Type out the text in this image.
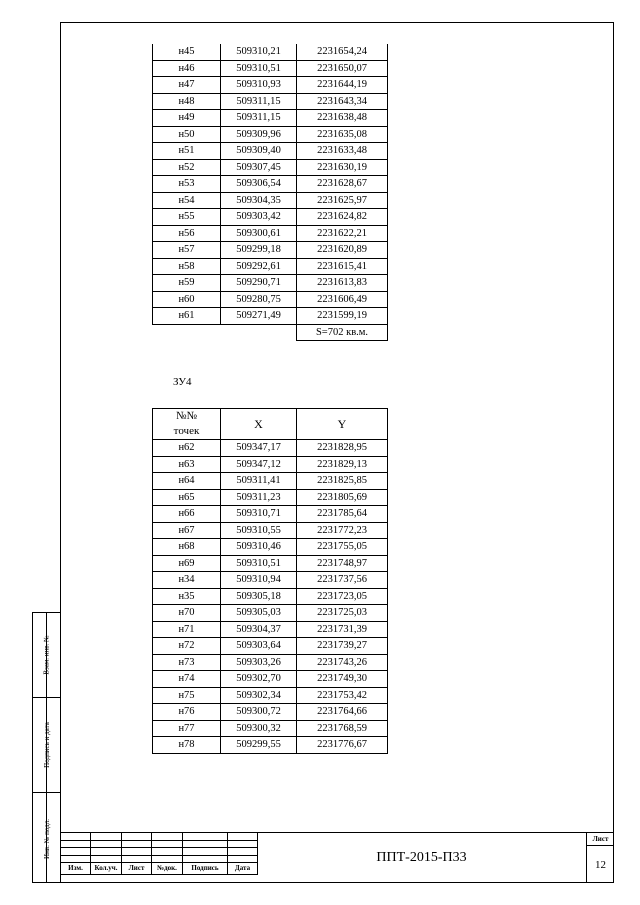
н45	509310,21	2231654,24
н46	509310,51	2231650,07
н47	509310,93	2231644,19
н48	509311,15	2231643,34
н49	509311,15	2231638,48
н50	509309,96	2231635,08
н51	509309,40	2231633,48
н52	509307,45	2231630,19
н53	509306,54	2231628,67
н54	509304,35	2231625,97
н55	509303,42	2231624,82
н56	509300,61	2231622,21
н57	509299,18	2231620,89
н58	509292,61	2231615,41
н59	509290,71	2231613,83
н60	509280,75	2231606,49
н61	509271,49	2231599,19
		S=702 кв.м.
ЗУ4
№№
точек	X	Y
н62	509347,17	2231828,95
н63	509347,12	2231829,13
н64	509311,41	2231825,85
н65	509311,23	2231805,69
н66	509310,71	2231785,64
н67	509310,55	2231772,23
н68	509310,46	2231755,05
н69	509310,51	2231748,97
н34	509310,94	2231737,56
н35	509305,18	2231723,05
н70	509305,03	2231725,03
н71	509304,37	2231731,39
н72	509303,64	2231739,27
н73	509303,26	2231743,26
н74	509302,70	2231749,30
н75	509302,34	2231753,42
н76	509300,72	2231764,66
н77	509300,32	2231768,59
н78	509299,55	2231776,67
Взам. инв. №
Подпись и дата
Инв. № подл.

Изм.	Кол.уч.	Лист	№док.	Подпись	Дата
ППТ-2015-П33
Лист
12
